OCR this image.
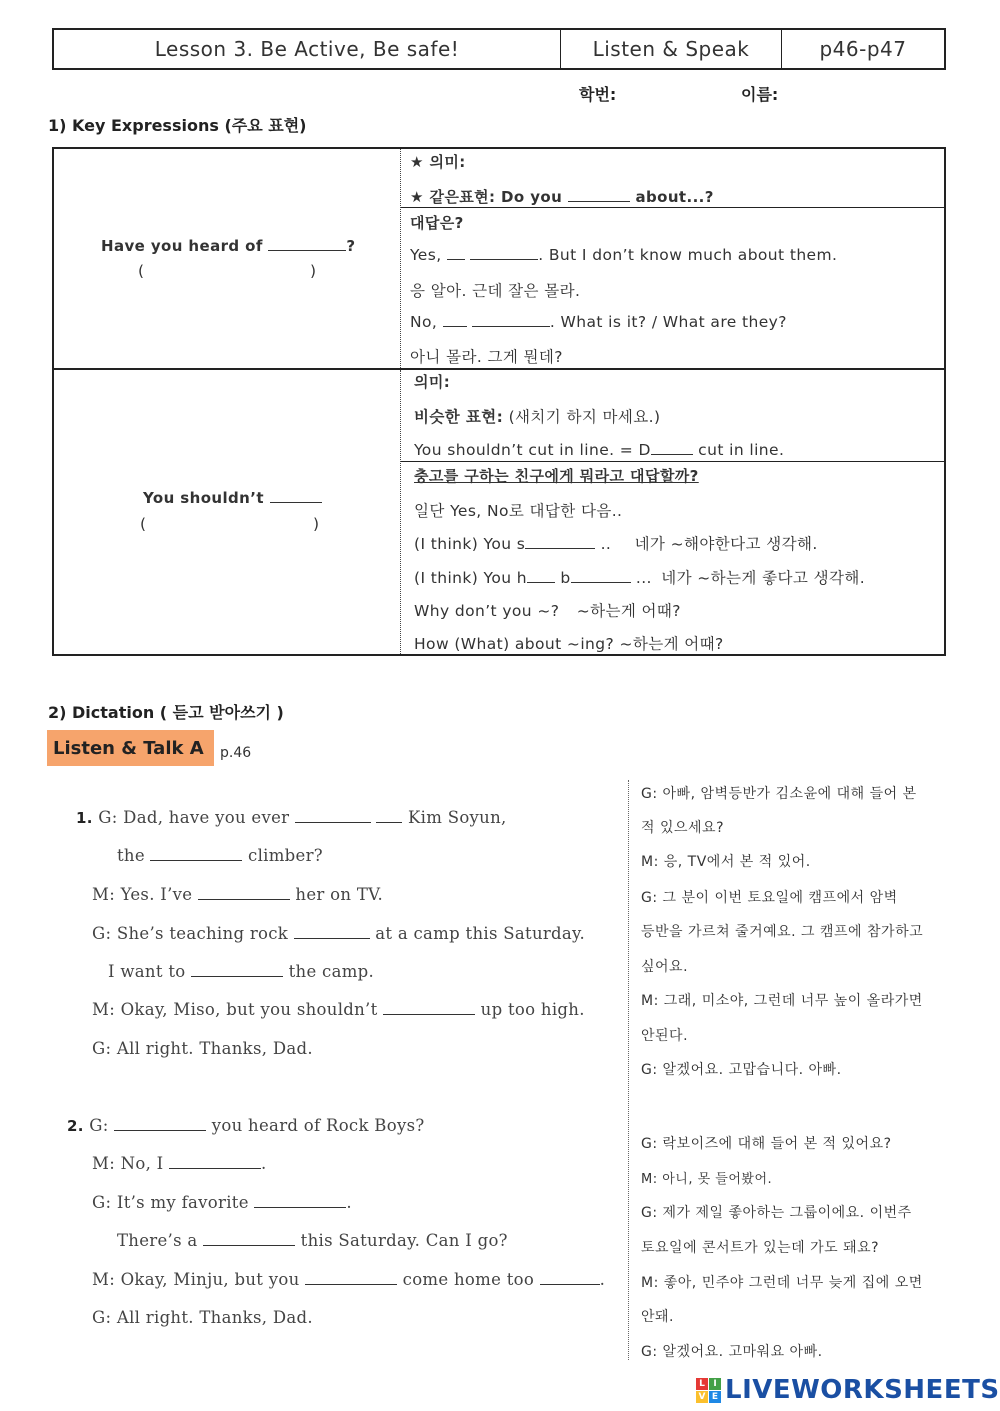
Lesson 3. Be Active, Be safe!	Listen & Speak	p46-p47
학번:	이름:
1) Key Expressions (주요 표현)
Have you heard of	?
(	)
★ 의미:
★ 같은표현: Do you	about...?
대답은?
Yes,	. But I don’t know much about them.
응 알아. 근데 잘은 몰라.
No,	. What is it? / What are they?
아니 몰라. 그게 뭔데?
You shouldn’t
(	)
의미:
비슷한 표현: (새치기 하지 마세요.)
You shouldn’t cut in line. = D	cut in line.
충고를 구하는 친구에게 뭐라고 대답할까?
일단 Yes, No로 대답한 다음..
(I think) You s	.. 네가 ~해야한다고 생각해.
(I think) You h b	... 네가 ~하는게 좋다고 생각해.
Why don’t you ~? ~하는게 어때?
How (What) about ~ing? ~하는게 어때?
2) Dictation ( 듣고 받아쓰기 )
Listen & Talk A	p.46
1. G: Dad, have you ever	Kim Soyun,
the	climber?
M: Yes. I’ve	her on TV.
G: She’s teaching rock	at a camp this Saturday.
I want to	the camp.
M: Okay, Miso, but you shouldn’t	up too high.
G: All right. Thanks, Dad.
2. G:	you heard of Rock Boys?
M: No, I	.
G: It’s my favorite	.
There’s a	this Saturday. Can I go?
M: Okay, Minju, but you	come home too	.
G: All right. Thanks, Dad.
G: 아빠, 암벽등반가 김소윤에 대해 들어 본
적 있으세요?
M: 응, TV에서 본 적 있어.
G: 그 분이 이번 토요일에 캠프에서 암벽
등반을 가르쳐 줄거예요. 그 캠프에 참가하고
싶어요.
M: 그래, 미소야, 그런데 너무 높이 올라가면
안된다.
G: 알겠어요. 고맙습니다. 아빠.
G: 락보이즈에 대해 들어 본 적 있어요?
M: 아니, 못 들어봤어.
G: 제가 제일 좋아하는 그룹이에요. 이번주
토요일에 콘서트가 있는데 가도 돼요?
M: 좋아, 민주야 그런데 너무 늦게 집에 오면
안돼.
G: 알겠어요. 고마워요 아빠.
L I
V E LIVEWORKSHEETS
